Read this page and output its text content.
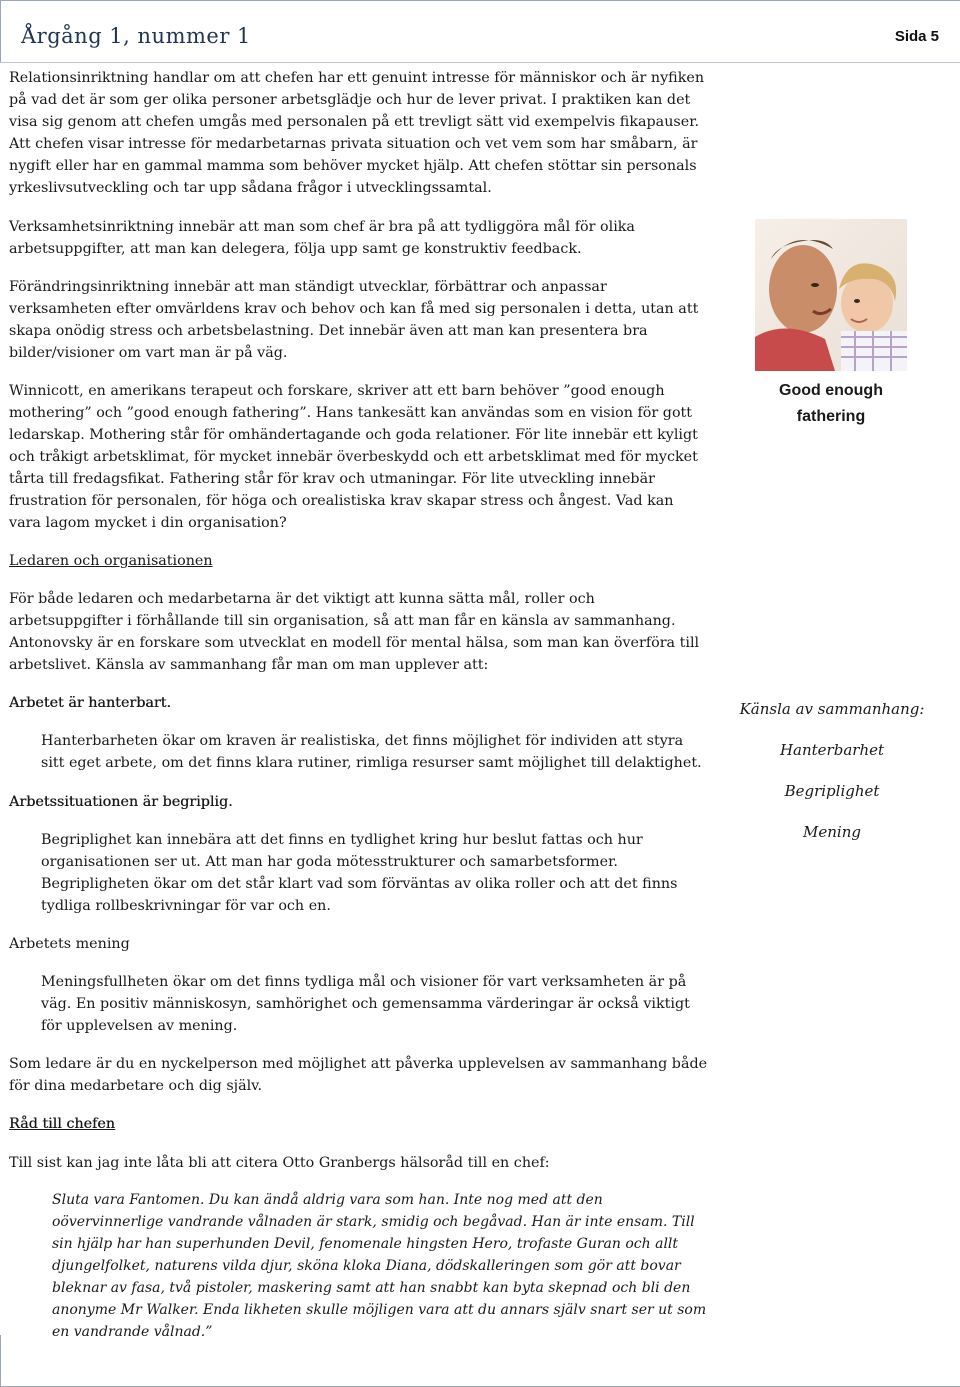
Årgång 1, nummer 1	Sida 5
Relationsinriktning handlar om att chefen har ett genuint intresse för människor och är nyfiken på vad det är som ger olika personer arbetsglädje och hur de lever privat. I praktiken kan det visa sig genom att chefen umgås med personalen på ett trevligt sätt vid exempelvis fikapauser. Att chefen visar intresse för medarbetarnas privata situation och vet vem som har småbarn, är nygift eller har en gammal mamma som behöver mycket hjälp. Att chefen stöttar sin personals yrkeslivsutveckling och tar upp sådana frågor i utvecklingssamtal.
Verksamhetsinriktning innebär att man som chef är bra på att tydliggöra mål för olika arbetsuppgifter, att man kan delegera, följa upp samt ge konstruktiv feedback.
Förändringsinriktning innebär att man ständigt utvecklar, förbättrar och anpassar verksamheten efter omvärldens krav och behov och kan få med sig personalen i detta, utan att skapa onödig stress och arbetsbelastning. Det innebär även att man kan presentera bra bilder/visioner om vart man är på väg.
Winnicott, en amerikans terapeut och forskare, skriver att ett barn behöver ”good enough mothering” och ”good enough fathering”. Hans tankesätt kan användas som en vision för gott ledarskap. Mothering står för omhändertagande och goda relationer. För lite innebär ett kyligt och tråkigt arbetsklimat, för mycket innebär överbeskydd och ett arbetsklimat med för mycket tårta till fredagsfikat. Fathering står för krav och utmaningar. För lite utveckling innebär frustration för personalen, för höga och orealistiska krav skapar stress och ångest. Vad kan vara lagom mycket i din organisation?
Good enough fathering
Ledaren och organisationen
För både ledaren och medarbetarna är det viktigt att kunna sätta mål, roller och arbetsuppgifter i förhållande till sin organisation, så att man får en känsla av sammanhang. Antonovsky är en forskare som utvecklat en modell för mental hälsa, som man kan överföra till arbetslivet. Känsla av sammanhang får man om man upplever att:
Arbetet är hanterbart.
Hanterbarheten ökar om kraven är realistiska, det finns möjlighet för individen att styra sitt eget arbete, om det finns klara rutiner, rimliga resurser samt möjlighet till delaktighet.
Arbetssituationen är begriplig.
Begriplighet kan innebära att det finns en tydlighet kring hur beslut fattas och hur organisationen ser ut. Att man har goda mötesstrukturer och samarbetsformer. Begripligheten ökar om det står klart vad som förväntas av olika roller och att det finns tydliga rollbeskrivningar för var och en.
Arbetets mening
Meningsfullheten ökar om det finns tydliga mål och visioner för vart verksamheten är på väg. En positiv människosyn, samhörighet och gemensamma värderingar är också viktigt för upplevelsen av mening.
Som ledare är du en nyckelperson med möjlighet att påverka upplevelsen av sammanhang både för dina medarbetare och dig själv.
Råd till chefen
Till sist kan jag inte låta bli att citera Otto Granbergs hälsoråd till en chef:
Sluta vara Fantomen. Du kan ändå aldrig vara som han. Inte nog med att den oövervinnerlige vandrande vålnaden är stark, smidig och begåvad. Han är inte ensam. Till sin hjälp har han superhunden Devil, fenomenale hingsten Hero, trofaste Guran och allt djungelfolket, naturens vilda djur, sköna kloka Diana, dödskalleringen som gör att bovar bleknar av fasa, två pistoler, maskering samt att han snabbt kan byta skepnad och bli den anonyme Mr Walker. Enda likheten skulle möjligen vara att du annars själv snart ser ut som en vandrande vålnad.”
Känsla av sammanhang:
Hanterbarhet
Begriplighet
Mening
